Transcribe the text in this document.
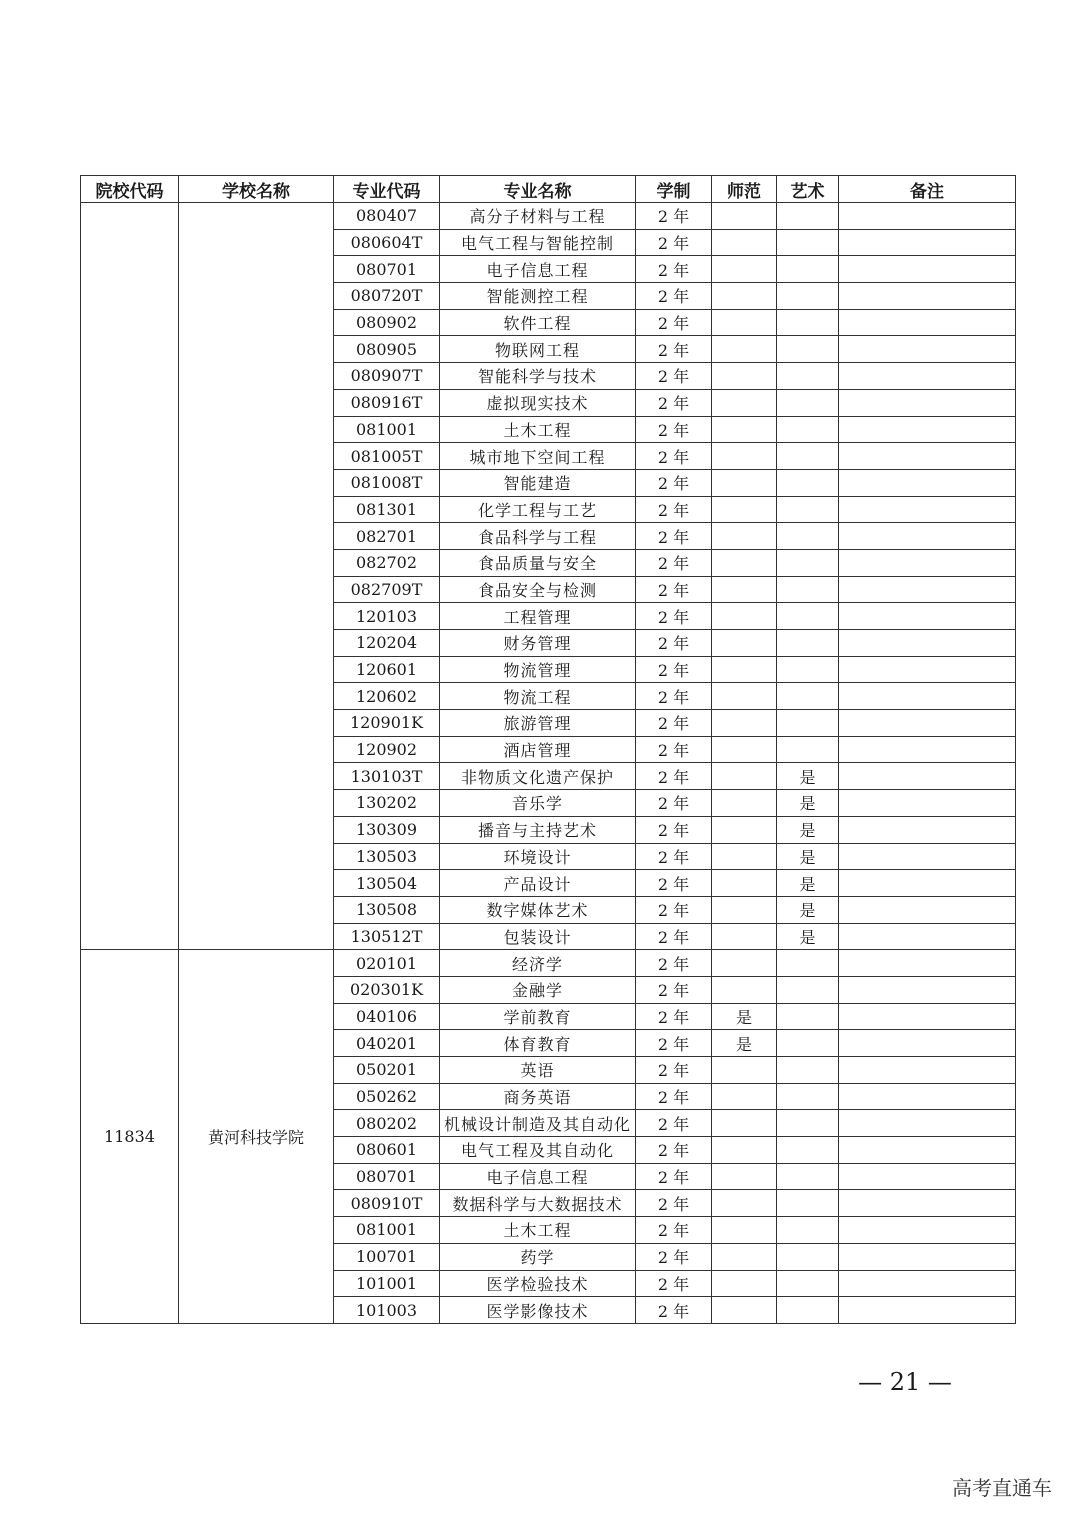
院校代码	学校名称	专业代码	专业名称	学制	师范	艺术	备注
		080407	高分子材料与工程	2 年			
		080604T	电气工程与智能控制	2 年			
		080701	电子信息工程	2 年			
		080720T	智能测控工程	2 年			
		080902	软件工程	2 年			
		080905	物联网工程	2 年			
		080907T	智能科学与技术	2 年			
		080916T	虚拟现实技术	2 年			
		081001	土木工程	2 年			
		081005T	城市地下空间工程	2 年			
		081008T	智能建造	2 年			
		081301	化学工程与工艺	2 年			
		082701	食品科学与工程	2 年			
		082702	食品质量与安全	2 年			
		082709T	食品安全与检测	2 年			
		120103	工程管理	2 年			
		120204	财务管理	2 年			
		120601	物流管理	2 年			
		120602	物流工程	2 年			
		120901K	旅游管理	2 年			
		120902	酒店管理	2 年			
		130103T	非物质文化遗产保护	2 年		是	
		130202	音乐学	2 年		是	
		130309	播音与主持艺术	2 年		是	
		130503	环境设计	2 年		是	
		130504	产品设计	2 年		是	
		130508	数字媒体艺术	2 年		是	
		130512T	包装设计	2 年		是	
11834	黄河科技学院	020101	经济学	2 年			
		020301K	金融学	2 年			
		040106	学前教育	2 年	是		
		040201	体育教育	2 年	是		
		050201	英语	2 年			
		050262	商务英语	2 年			
		080202	机械设计制造及其自动化	2 年			
		080601	电气工程及其自动化	2 年			
		080701	电子信息工程	2 年			
		080910T	数据科学与大数据技术	2 年			
		081001	土木工程	2 年			
		100701	药学	2 年			
		101001	医学检验技术	2 年			
		101003	医学影像技术	2 年			
— 21 —
高考直通车
